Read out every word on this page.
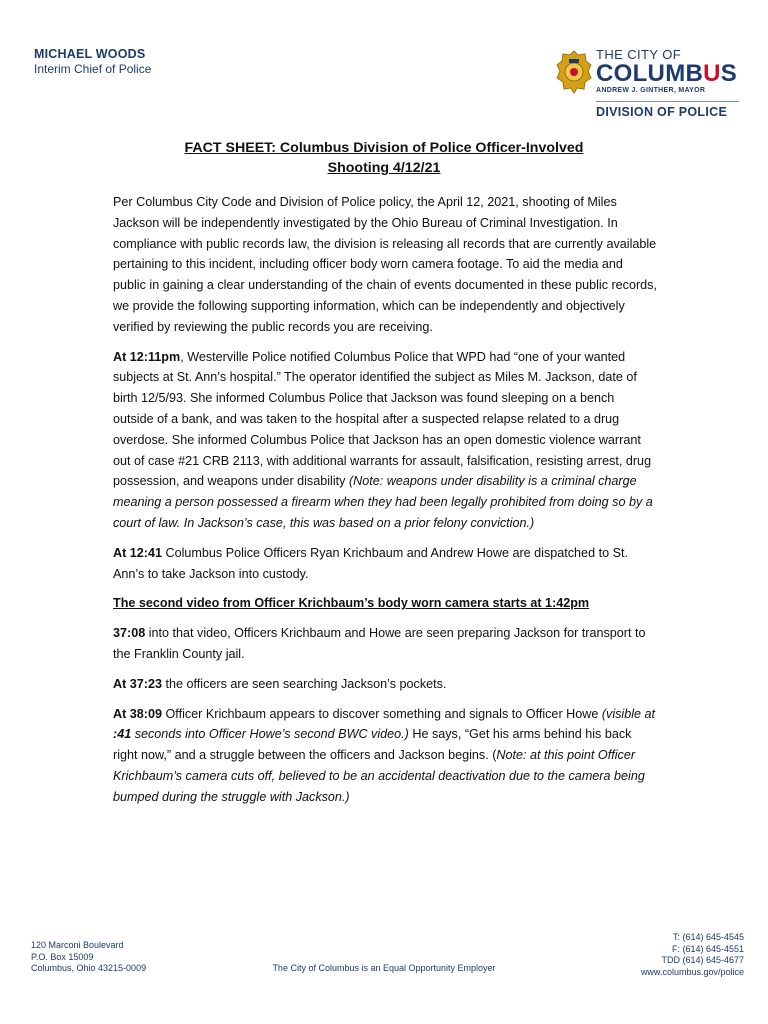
MICHAEL WOODS
Interim Chief of Police
THE CITY OF
COLUMBUS
ANDREW J. GINTHER, MAYOR
DIVISION OF POLICE
FACT SHEET: Columbus Division of Police Officer-Involved
Shooting 4/12/21

Per Columbus City Code and Division of Police policy, the April 12, 2021, shooting of Miles Jackson will be independently investigated by the Ohio Bureau of Criminal Investigation. In compliance with public records law, the division is releasing all records that are currently available pertaining to this incident, including officer body worn camera footage. To aid the media and public in gaining a clear understanding of the chain of events documented in these public records, we provide the following supporting information, which can be independently and objectively verified by reviewing the public records you are receiving.

At 12:11pm, Westerville Police notified Columbus Police that WPD had “one of your wanted subjects at St. Ann’s hospital.” The operator identified the subject as Miles M. Jackson, date of birth 12/5/93. She informed Columbus Police that Jackson was found sleeping on a bench outside of a bank, and was taken to the hospital after a suspected relapse related to a drug overdose. She informed Columbus Police that Jackson has an open domestic violence warrant out of case #21 CRB 2113, with additional warrants for assault, falsification, resisting arrest, drug possession, and weapons under disability (Note: weapons under disability is a criminal charge meaning a person possessed a firearm when they had been legally prohibited from doing so by a court of law. In Jackson’s case, this was based on a prior felony conviction.)

At 12:41 Columbus Police Officers Ryan Krichbaum and Andrew Howe are dispatched to St. Ann’s to take Jackson into custody.

The second video from Officer Krichbaum’s body worn camera starts at 1:42pm

37:08 into that video, Officers Krichbaum and Howe are seen preparing Jackson for transport to the Franklin County jail.

At 37:23 the officers are seen searching Jackson’s pockets.

At 38:09 Officer Krichbaum appears to discover something and signals to Officer Howe (visible at :41 seconds into Officer Howe’s second BWC video.) He says, “Get his arms behind his back right now,” and a struggle between the officers and Jackson begins. (Note: at this point Officer Krichbaum’s camera cuts off, believed to be an accidental deactivation due to the camera being bumped during the struggle with Jackson.)

120 Marconi Boulevard
P.O. Box 15009
Columbus, Ohio 43215-0009	The City of Columbus is an Equal Opportunity Employer
T: (614) 645-4545
F: (614) 645-4551
TDD (614) 645-4677
www.columbus.gov/police
